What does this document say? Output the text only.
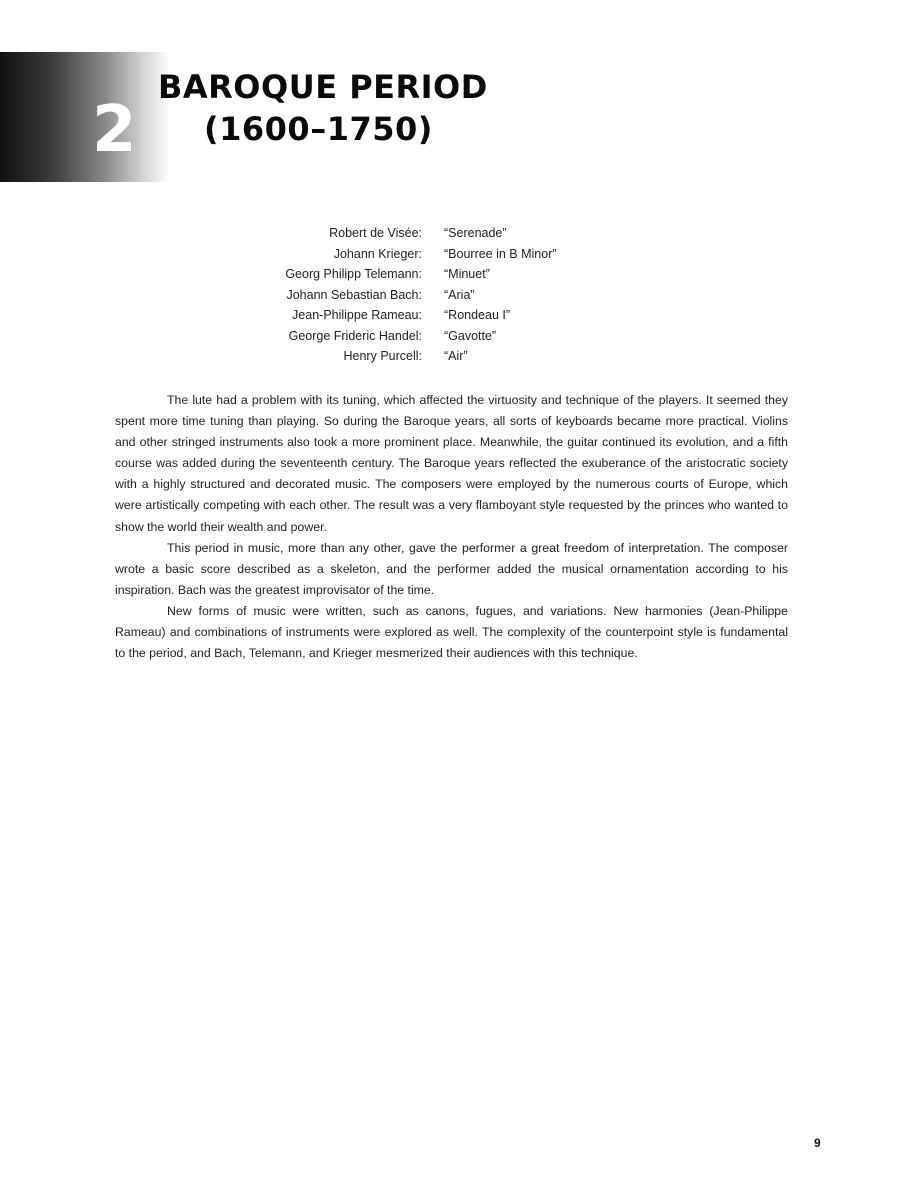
2
BAROQUE PERIOD
(1600–1750)
Robert de Visée:	“Serenade”
Johann Krieger:	“Bourree in B Minor”
Georg Philipp Telemann:	“Minuet”
Johann Sebastian Bach:	“Aria”
Jean-Philippe Rameau:	“Rondeau I”
George Frideric Handel:	“Gavotte”
Henry Purcell:	“Air”

The lute had a problem with its tuning, which affected the virtuosity and technique of the players. It seemed they spent more time tuning than playing. So during the Baroque years, all sorts of keyboards became more practical. Violins and other stringed instruments also took a more prominent place. Meanwhile, the guitar continued its evolution, and a fifth course was added during the seventeenth century. The Baroque years reflected the exuberance of the aristocratic society with a highly structured and decorated music. The composers were employed by the numerous courts of Europe, which were artistically competing with each other. The result was a very flamboyant style requested by the princes who wanted to show the world their wealth and power.

This period in music, more than any other, gave the performer a great freedom of interpretation. The composer wrote a basic score described as a skeleton, and the performer added the musical ornamentation according to his inspiration. Bach was the greatest improvisator of the time.

New forms of music were written, such as canons, fugues, and variations. New harmonies (Jean-Philippe Rameau) and combinations of instruments were explored as well. The complexity of the counterpoint style is fundamental to the period, and Bach, Telemann, and Krieger mesmerized their audiences with this technique.

9
